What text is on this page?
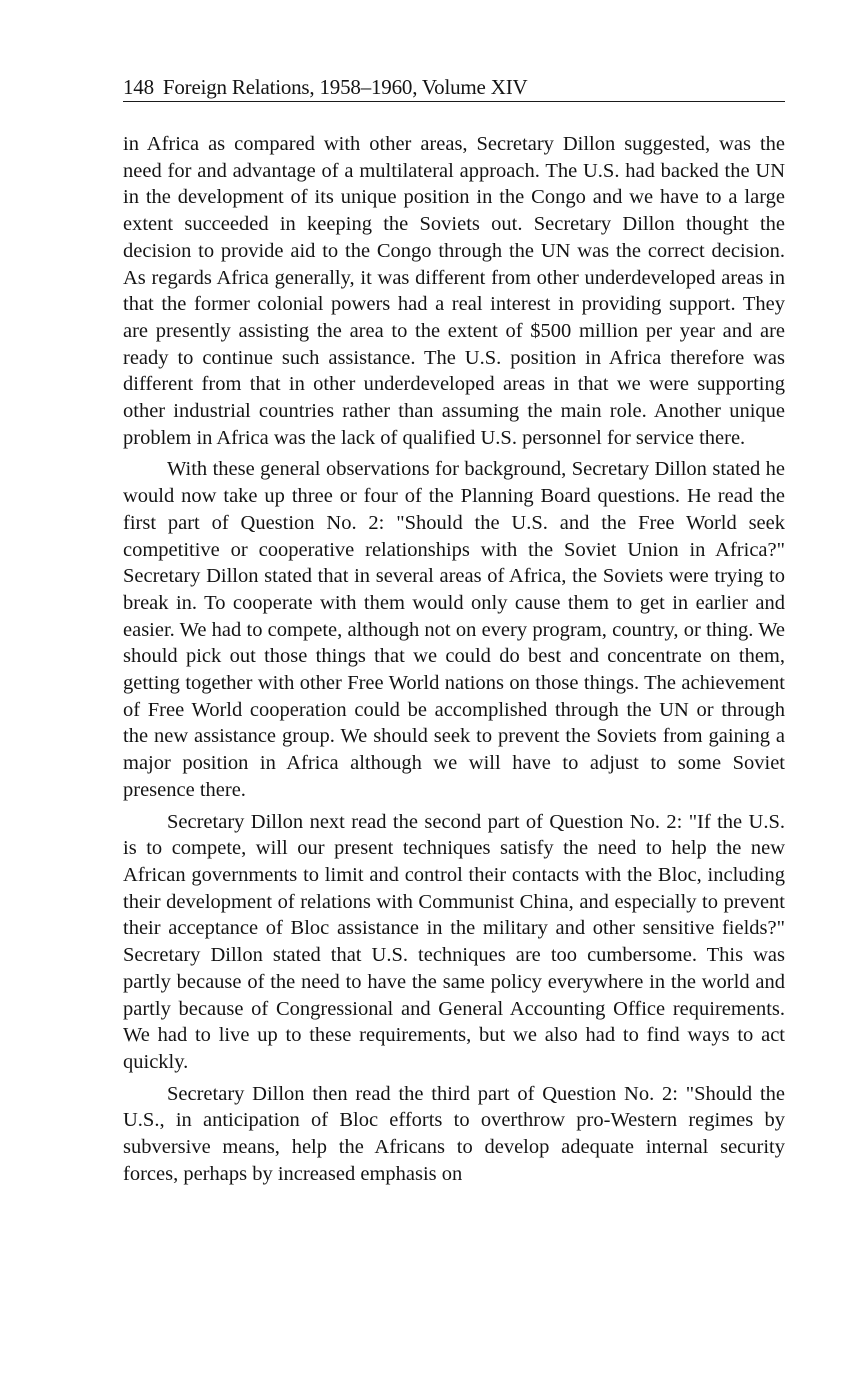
148 Foreign Relations, 1958–1960, Volume XIV

in Africa as compared with other areas, Secretary Dillon suggested, was the need for and advantage of a multilateral approach. The U.S. had backed the UN in the development of its unique position in the Congo and we have to a large extent succeeded in keeping the Soviets out. Secretary Dillon thought the decision to provide aid to the Congo through the UN was the correct decision. As regards Africa generally, it was different from other underdeveloped areas in that the former colonial powers had a real interest in providing support. They are presently assisting the area to the extent of $500 million per year and are ready to continue such assistance. The U.S. position in Africa therefore was different from that in other underdeveloped areas in that we were supporting other industrial countries rather than assuming the main role. Another unique problem in Africa was the lack of qualified U.S. personnel for service there.

With these general observations for background, Secretary Dillon stated he would now take up three or four of the Planning Board questions. He read the first part of Question No. 2: "Should the U.S. and the Free World seek competitive or cooperative relationships with the Soviet Union in Africa?" Secretary Dillon stated that in several areas of Africa, the Soviets were trying to break in. To cooperate with them would only cause them to get in earlier and easier. We had to compete, although not on every program, country, or thing. We should pick out those things that we could do best and concentrate on them, getting together with other Free World nations on those things. The achievement of Free World cooperation could be accomplished through the UN or through the new assistance group. We should seek to prevent the Soviets from gaining a major position in Africa although we will have to adjust to some Soviet presence there.

Secretary Dillon next read the second part of Question No. 2: "If the U.S. is to compete, will our present techniques satisfy the need to help the new African governments to limit and control their contacts with the Bloc, including their development of relations with Communist China, and especially to prevent their acceptance of Bloc assistance in the military and other sensitive fields?" Secretary Dillon stated that U.S. techniques are too cumbersome. This was partly because of the need to have the same policy everywhere in the world and partly because of Congressional and General Accounting Office requirements. We had to live up to these requirements, but we also had to find ways to act quickly.

Secretary Dillon then read the third part of Question No. 2: "Should the U.S., in anticipation of Bloc efforts to overthrow pro-Western regimes by subversive means, help the Africans to develop adequate internal security forces, perhaps by increased emphasis on
